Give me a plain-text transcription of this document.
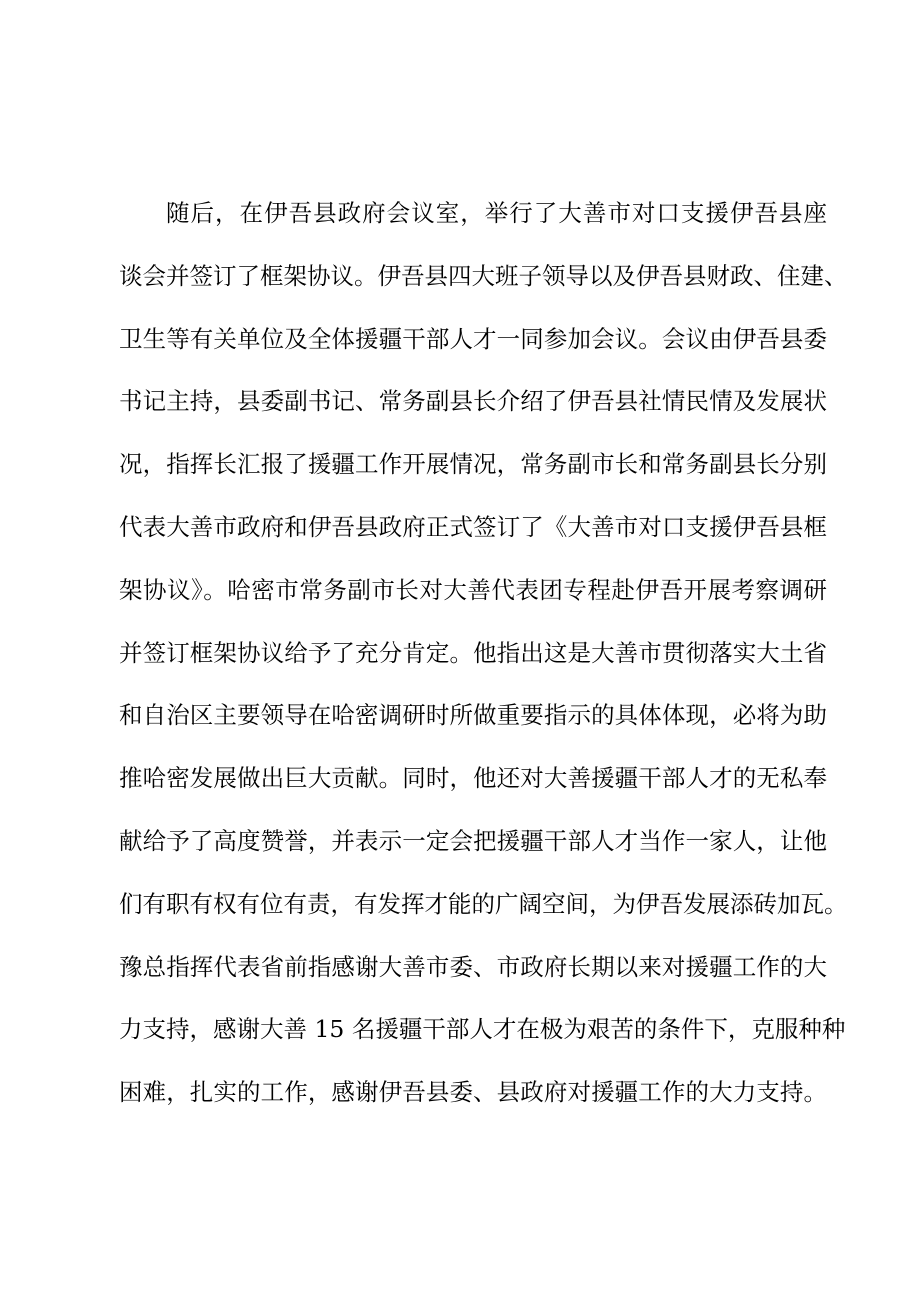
随后，在伊吾县政府会议室，举行了大善市对口支援伊吾县座
谈会并签订了框架协议。伊吾县四大班子领导以及伊吾县财政、住建、
卫生等有关单位及全体援疆干部人才一同参加会议。会议由伊吾县委
书记主持，县委副书记、常务副县长介绍了伊吾县社情民情及发展状
况，指挥长汇报了援疆工作开展情况，常务副市长和常务副县长分别
代表大善市政府和伊吾县政府正式签订了《大善市对口支援伊吾县框
架协议》。哈密市常务副市长对大善代表团专程赴伊吾开展考察调研
并签订框架协议给予了充分肯定。他指出这是大善市贯彻落实大土省
和自治区主要领导在哈密调研时所做重要指示的具体体现，必将为助
推哈密发展做出巨大贡献。同时，他还对大善援疆干部人才的无私奉
献给予了高度赞誉，并表示一定会把援疆干部人才当作一家人，让他
们有职有权有位有责，有发挥才能的广阔空间，为伊吾发展添砖加瓦。
豫总指挥代表省前指感谢大善市委、市政府长期以来对援疆工作的大
力支持，感谢大善 15 名援疆干部人才在极为艰苦的条件下，克服种种
困难，扎实的工作，感谢伊吾县委、县政府对援疆工作的大力支持。
